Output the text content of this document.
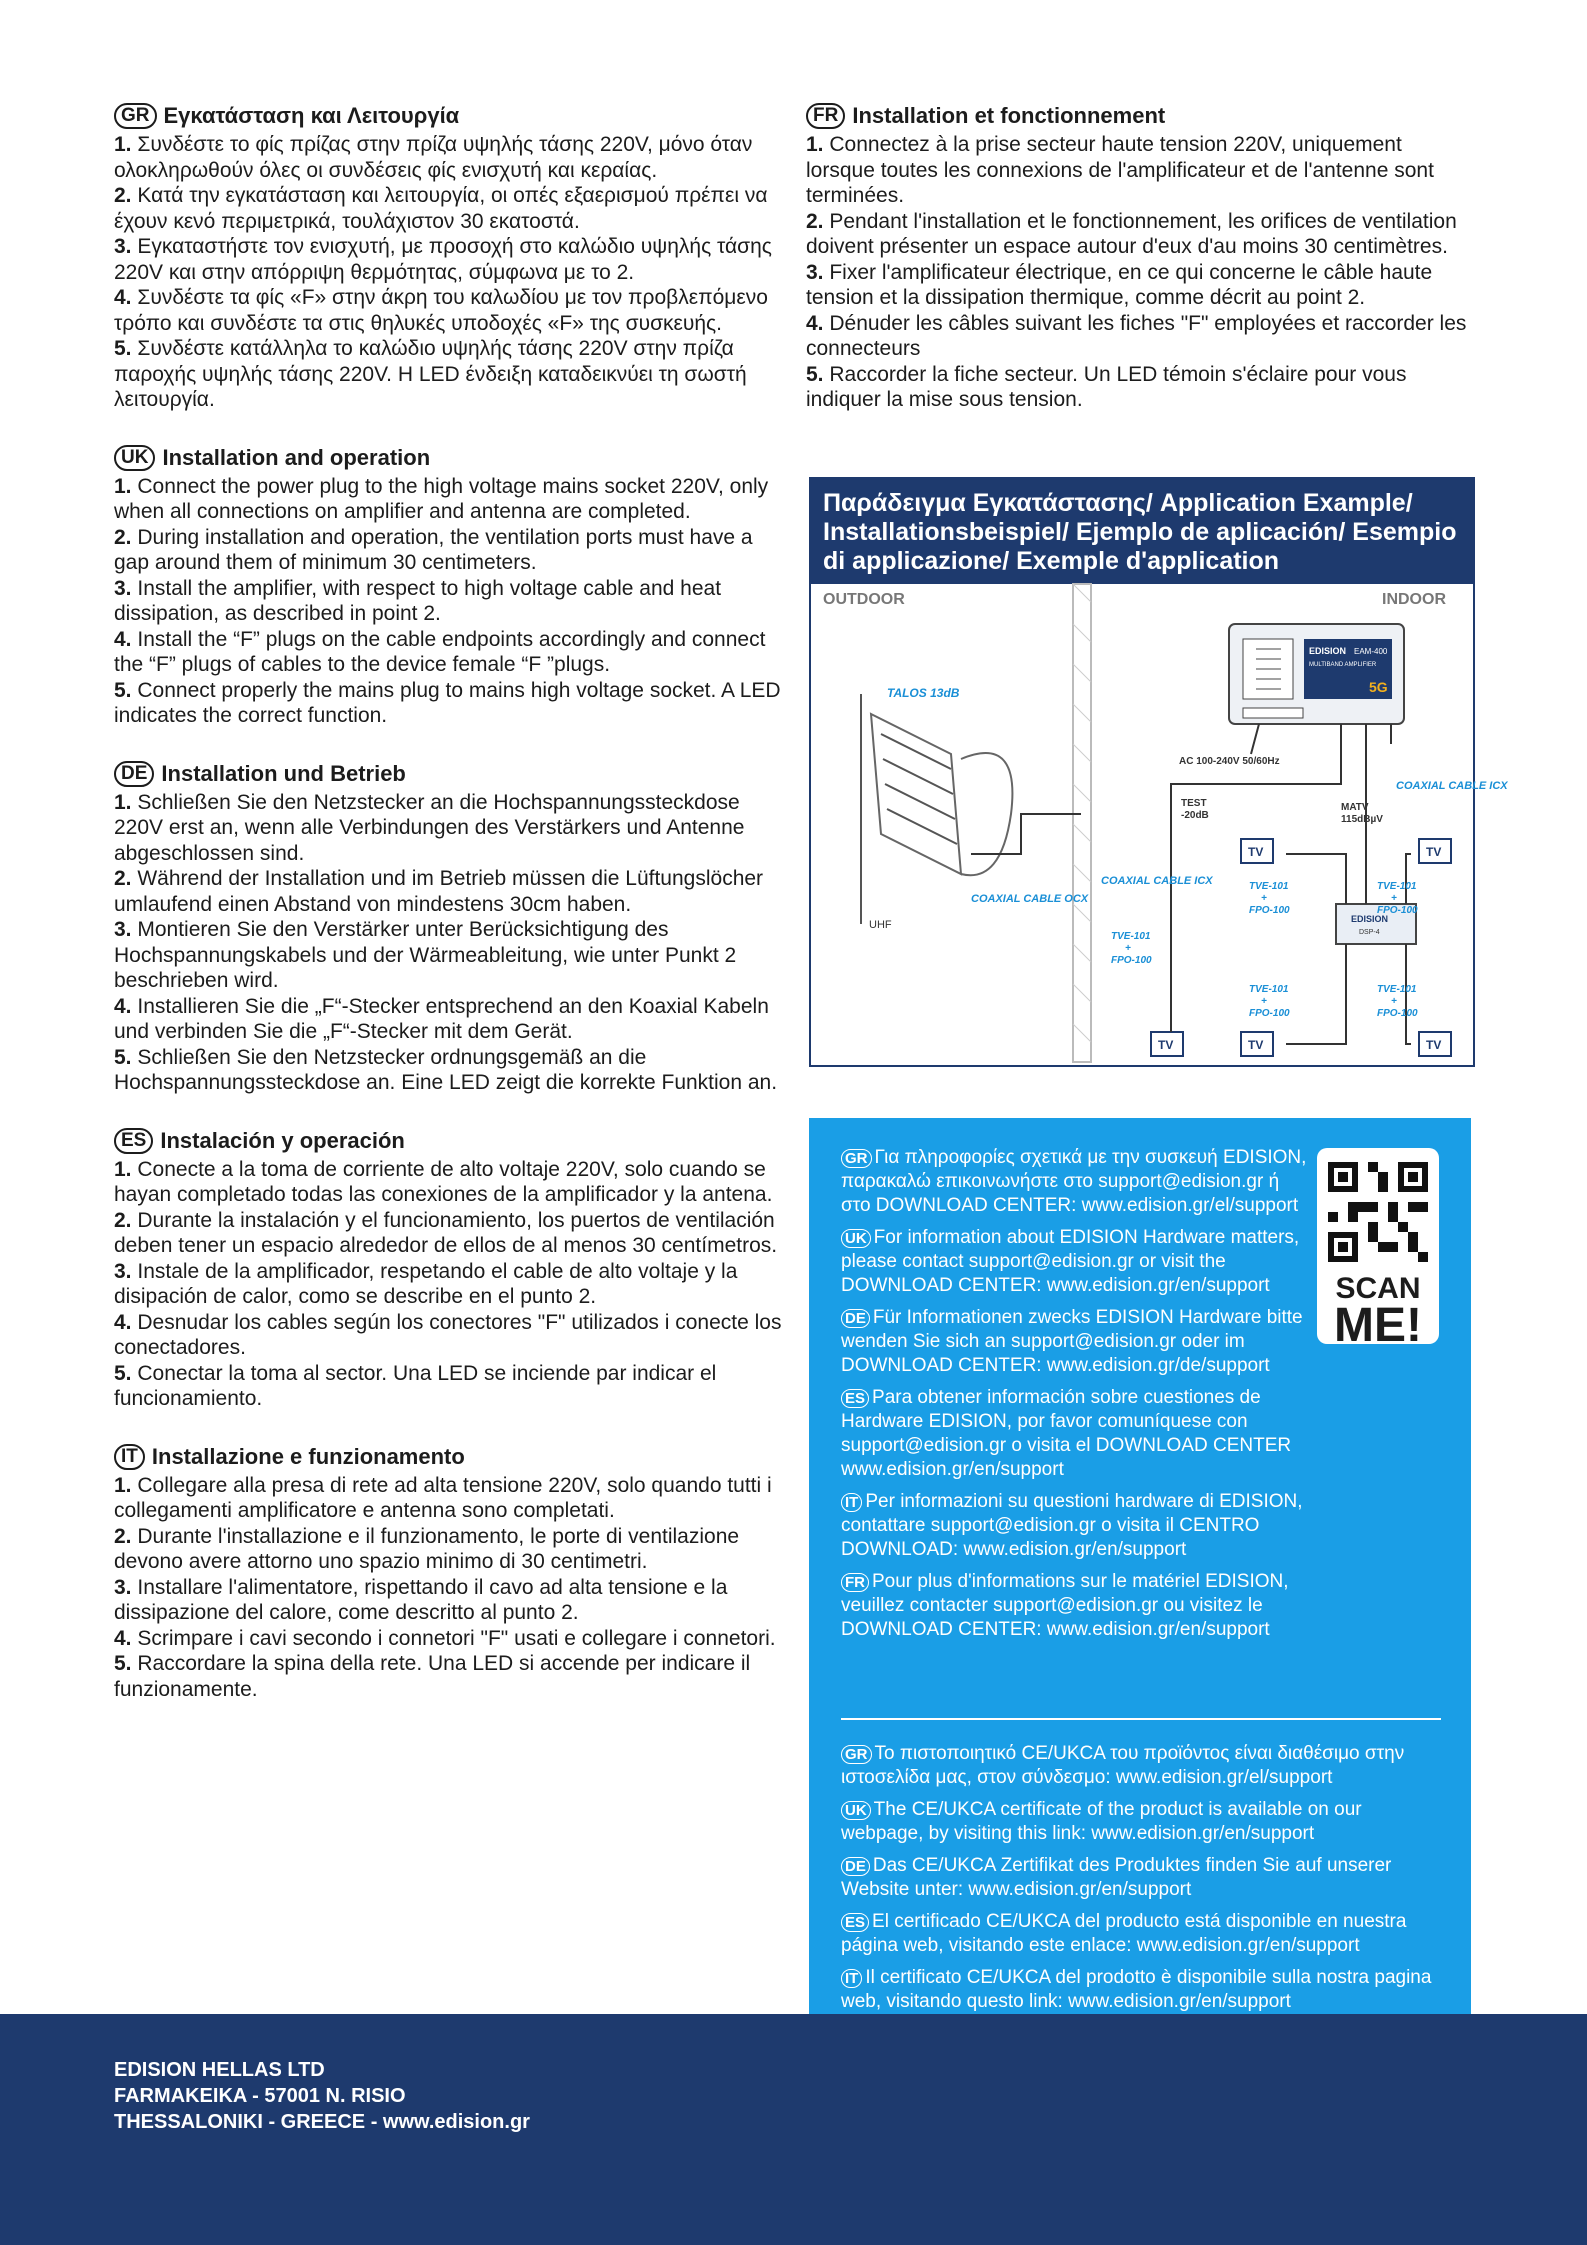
GR Εγκατάσταση και Λειτουργία

1. Συνδέστε το φίς πρίζας στην πρίζα υψηλής τάσης 220V, μόνο όταν ολοκληρωθούν όλες οι συνδέσεις φίς ενισχυτή και κεραίας.

2. Κατά την εγκατάσταση και λειτουργία, οι οπές εξαερισμού πρέπει να έχουν κενό περιμετρικά, τουλάχιστον 30 εκατοστά.

3. Εγκαταστήστε τον ενισχυτή, με προσοχή στο καλώδιο υψηλής τάσης 220V και στην απόρριψη θερμότητας, σύμφωνα με το 2.

4. Συνδέστε τα φίς «F» στην άκρη του καλωδίου με τον προβλεπόμενο τρόπο και συνδέστε τα στις θηλυκές υποδοχές «F» της συσκευής.

5. Συνδέστε κατάλληλα το καλώδιο υψηλής τάσης 220V στην πρίζα παροχής υψηλής τάσης 220V. Η LED ένδειξη καταδεικνύει τη σωστή λειτουργία.

UK Installation and operation

1. Connect the power plug to the high voltage mains socket 220V, only when all connections on amplifier and antenna are completed.

2. During installation and operation, the ventilation ports must have a gap around them of minimum 30 centimeters.

3. Install the amplifier, with respect to high voltage cable and heat dissipation, as described in point 2.

4. Install the “F” plugs on the cable endpoints accordingly and connect the “F” plugs of cables to the device female “F ”plugs.

5. Connect properly the mains plug to mains high voltage socket. A LED indicates the correct function.

DE Installation und Betrieb

1. Schließen Sie den Netzstecker an die Hochspannungssteckdose 220V erst an, wenn alle Verbindungen des Verstärkers und Antenne abgeschlossen sind.

2. Während der Installation und im Betrieb müssen die Lüftungslöcher umlaufend einen Abstand von mindestens 30cm haben.

3. Montieren Sie den Verstärker unter Berücksichtigung des Hochspannungskabels und der Wärmeableitung, wie unter Punkt 2 beschrieben wird.

4. Installieren Sie die „F“-Stecker entsprechend an den Koaxial Kabeln und verbinden Sie die „F“-Stecker mit dem Gerät.

5. Schließen Sie den Netzstecker ordnungsgemäß an die Hochspannungssteckdose an. Eine LED zeigt die korrekte Funktion an.

ES Instalación y operación

1. Conecte a la toma de corriente de alto voltaje 220V, solo cuando se hayan completado todas las conexiones de la amplificador y la antena.

2. Durante la instalación y el funcionamiento, los puertos de ventilación deben tener un espacio alrededor de ellos de al menos 30 centímetros.

3. Instale de la amplificador, respetando el cable de alto voltaje y la disipación de calor, como se describe en el punto 2.

4. Desnudar los cables según los conectores "F" utilizados i conecte los conectadores.

5. Conectar la toma al sector. Una LED se inciende par indicar el funcionamiento.

IT Installazione e funzionamento

1. Collegare alla presa di rete ad alta tensione 220V, solo quando tutti i collegamenti amplificatore e antenna sono completati.

2. Durante l'installazione e il funzionamento, le porte di ventilazione devono avere attorno uno spazio minimo di 30 centimetri.

3. Installare l'alimentatore, rispettando il cavo ad alta tensione e la dissipazione del calore, come descritto al punto 2.

4. Scrimpare i cavi secondo i connetori "F" usati e collegare i connetori.

5. Raccordare la spina della rete. Una LED si accende per indicare il funzionamente.

FR Installation et fonctionnement

1. Connectez à la prise secteur haute tension 220V, uniquement lorsque toutes les connexions de l'amplificateur et de l'antenne sont terminées.

2. Pendant l'installation et le fonctionnement, les orifices de ventilation doivent présenter un espace autour d'eux d'au moins 30 centimètres.

3. Fixer l'amplificateur électrique, en ce qui concerne le câble haute tension et la dissipation thermique, comme décrit au point 2.

4. Dénuder les câbles suivant les fiches "F" employées et raccorder les connecteurs

5. Raccorder la fiche secteur. Un LED témoin s'éclaire pour vous indiquer la mise sous tension.

Παράδειγμα Εγκατάστασης/ Application Example/ Installationsbeispiel/ Ejemplo de aplicación/ Esempio di applicazione/ Exemple d'application
OUTDOOR	INDOOR
TALOS 13dB
UHF
COAXIAL CABLE OCX
EDISION EAM-400
MULTIBAND AMPLIFIER
5G
AC 100-240V 50/60Hz
TEST
-20dB
MATV
115dBµV
COAXIAL CABLE ICX
COAXIAL CABLE ICX
EDISION
DSP-4
TV	TV
TV	TV	TV
TVE-101
+
FPO-100
TVE-101
+
FPO-100
TVE-101
+
FPO-100
TVE-101
+
FPO-100
TVE-101
+
FPO-100
GR Για πληροφορίες σχετικά με την συσκευή EDISION, παρακαλώ επικοινωνήστε στο support@edision.gr ή στο DOWNLOAD CENTER: www.edision.gr/el/support
UK For information about EDISION Hardware matters, please contact support@edision.gr or visit the DOWNLOAD CENTER: www.edision.gr/en/support
DE Für Informationen zwecks EDISION Hardware bitte wenden Sie sich an support@edision.gr oder im DOWNLOAD CENTER: www.edision.gr/de/support
ES Para obtener información sobre cuestiones de Hardware EDISION, por favor comuníquese con support@edision.gr o visita el DOWNLOAD CENTER www.edision.gr/en/support
IT Per informazioni su questioni hardware di EDISION, contattare support@edision.gr o visita il CENTRO DOWNLOAD: www.edision.gr/en/support
FR Pour plus d'informations sur le matériel EDISION, veuillez contacter support@edision.gr ou visitez le DOWNLOAD CENTER: www.edision.gr/en/support
SCAN
ME!
GR Το πιστοποιητικό CE/UKCA του προϊόντος είναι διαθέσιμο στην ιστοσελίδα μας, στον σύνδεσμο: www.edision.gr/el/support
UK The CE/UKCA certificate of the product is available on our webpage, by visiting this link: www.edision.gr/en/support
DE Das CE/UKCA Zertifikat des Produktes finden Sie auf unserer Website unter: www.edision.gr/en/support
ES El certificado CE/UKCA del producto está disponible en nuestra página web, visitando este enlace: www.edision.gr/en/support
IT Il certificato CE/UKCA del prodotto è disponibile sulla nostra pagina web, visitando questo link: www.edision.gr/en/support
EDISION HELLAS LTD
FARMAKEIKA - 57001 N. RISIO
THESSALONIKI - GREECE - www.edision.gr
